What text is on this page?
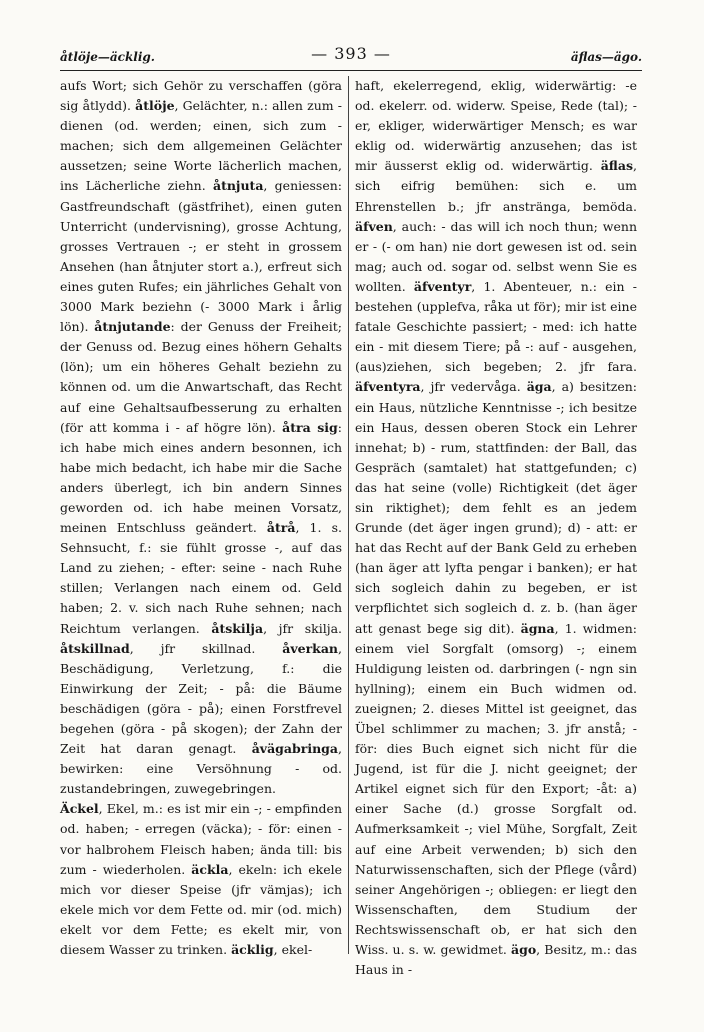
åtlöje—äcklig.	— 393 —	äflas—ägo.

aufs Wort; sich Gehör zu verschaffen (göra sig åtlydd). åtlöje, Gelächter, n.: allen zum - dienen (od. werden; einen, sich zum - machen; sich dem allgemeinen Gelächter aussetzen; seine Worte lächerlich machen, ins Lächerliche ziehn. åtnjuta, geniessen: Gastfreundschaft (gästfrihet), einen guten Unterricht (undervisning), grosse Achtung, grosses Vertrauen -; er steht in grossem Ansehen (han åtnjuter stort a.), erfreut sich eines guten Rufes; ein jährliches Gehalt von 3000 Mark beziehn (- 3000 Mark i årlig lön). åtnjutande: der Genuss der Freiheit; der Genuss od. Bezug eines höhern Gehalts (lön); um ein höheres Gehalt beziehn zu können od. um die Anwartschaft, das Recht auf eine Gehaltsaufbesserung zu erhalten (för att komma i - af högre lön). åtra sig: ich habe mich eines andern besonnen, ich habe mich bedacht, ich habe mir die Sache anders überlegt, ich bin andern Sinnes geworden od. ich habe meinen Vorsatz, meinen Entschluss geändert. åtrå, 1. s. Sehnsucht, f.: sie fühlt grosse -, auf das Land zu ziehen; - efter: seine - nach Ruhe stillen; Verlangen nach einem od. Geld haben; 2. v. sich nach Ruhe sehnen; nach Reichtum verlangen. åtskilja, jfr skilja. åtskillnad, jfr skillnad. åverkan, Beschädigung, Verletzung, f.: die Einwirkung der Zeit; - på: die Bäume beschädigen (göra - på); einen Forstfrevel begehen (göra - på skogen); der Zahn der Zeit hat daran genagt. åvägabringa, bewirken: eine Versöhnung - od. zustandebringen, zuwegebringen.

Äckel, Ekel, m.: es ist mir ein -; - empfinden od. haben; - erregen (väcka); - för: einen - vor halbrohem Fleisch haben; ända till: bis zum - wiederholen. äckla, ekeln: ich ekele mich vor dieser Speise (jfr vämjas); ich ekele mich vor dem Fette od. mir (od. mich) ekelt vor dem Fette; es ekelt mir, von diesem Wasser zu trinken. äcklig, ekel-

haft, ekelerregend, eklig, widerwärtig: -e od. ekelerr. od. widerw. Speise, Rede (tal); -er, ekliger, widerwärtiger Mensch; es war eklig od. widerwärtig anzusehen; das ist mir äusserst eklig od. widerwärtig. äflas, sich eifrig bemühen: sich e. um Ehrenstellen b.; jfr anstränga, bemöda. äfven, auch: - das will ich noch thun; wenn er - (- om han) nie dort gewesen ist od. sein mag; auch od. sogar od. selbst wenn Sie es wollten. äfventyr, 1. Abenteuer, n.: ein - bestehen (upplefva, råka ut för); mir ist eine fatale Geschichte passiert; - med: ich hatte ein - mit diesem Tiere; på -: auf - ausgehen, (aus)ziehen, sich begeben; 2. jfr fara. äfventyra, jfr vedervåga. äga, a) besitzen: ein Haus, nützliche Kenntnisse -; ich besitze ein Haus, dessen oberen Stock ein Lehrer innehat; b) - rum, stattfinden: der Ball, das Gespräch (samtalet) hat stattgefunden; c) das hat seine (volle) Richtigkeit (det äger sin riktighet); dem fehlt es an jedem Grunde (det äger ingen grund); d) - att: er hat das Recht auf der Bank Geld zu erheben (han äger att lyfta pengar i banken); er hat sich sogleich dahin zu begeben, er ist verpflichtet sich sogleich d. z. b. (han äger att genast bege sig dit). ägna, 1. widmen: einem viel Sorgfalt (omsorg) -; einem Huldigung leisten od. darbringen (- ngn sin hyllning); einem ein Buch widmen od. zueignen; 2. dieses Mittel ist geeignet, das Übel schlimmer zu machen; 3. jfr anstå; -för: dies Buch eignet sich nicht für die Jugend, ist für die J. nicht geeignet; der Artikel eignet sich für den Export; -åt: a) einer Sache (d.) grosse Sorgfalt od. Aufmerksamkeit -; viel Mühe, Sorgfalt, Zeit auf eine Arbeit verwenden; b) sich den Naturwissenschaften, sich der Pflege (vård) seiner Angehörigen -; obliegen: er liegt den Wissenschaften, dem Studium der Rechtswissenschaft ob, er hat sich den Wiss. u. s. w. gewidmet. ägo, Besitz, m.: das Haus in -
